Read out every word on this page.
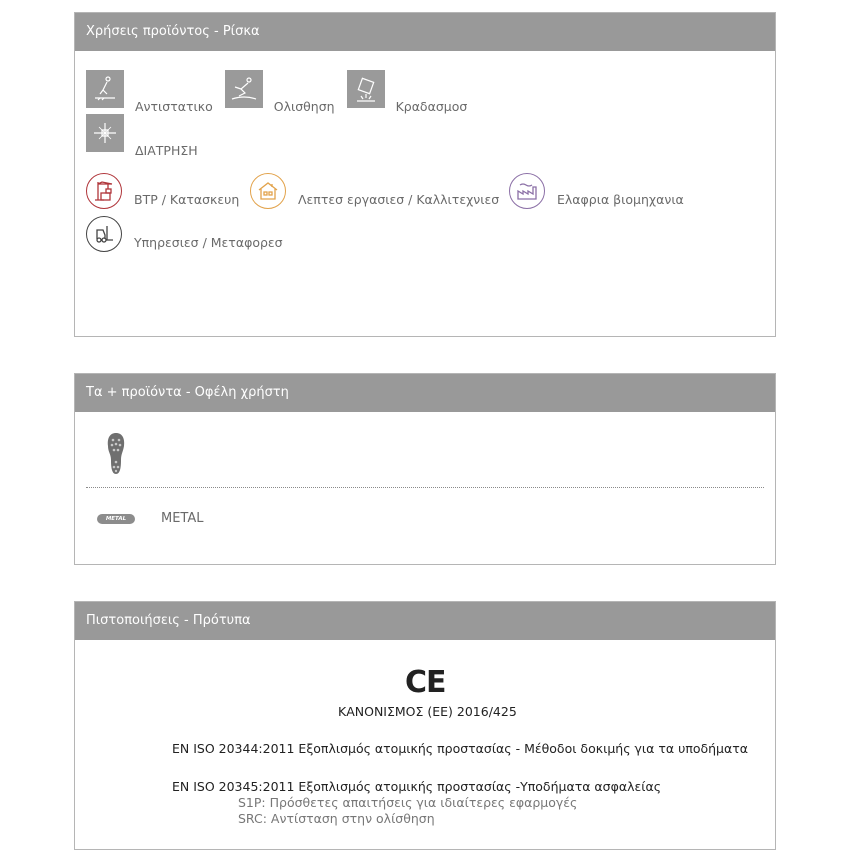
Χρήσεις προϊόντος - Ρίσκα
Αντιστατικο	Ολισθηση	Κραδασμοσ
ΔΙΑΤΡΗΣΗ
BTP / Κατασκευη	Λεπτεσ εργασιεσ / Καλλιτεχνιεσ	Ελαφρια βιομηχανια
Υπηρεσιεσ / Μεταφορεσ
Τα + προϊόντα - Οφέλη χρήστη
METAL	METAL
Πιστοποιήσεις - Πρότυπα
CE
ΚΑΝΟΝΙΣΜΟΣ (ΕΕ) 2016/425
EN ISO 20344:2011 Εξοπλισμός ατομικής προστασίας - Μέθοδοι δοκιμής για τα υποδήματα
EN ISO 20345:2011 Εξοπλισμός ατομικής προστασίας -Υποδήματα ασφαλείας
S1P: Πρόσθετες απαιτήσεις για ιδιαίτερες εφαρμογές
SRC: Αντίσταση στην ολίσθηση
